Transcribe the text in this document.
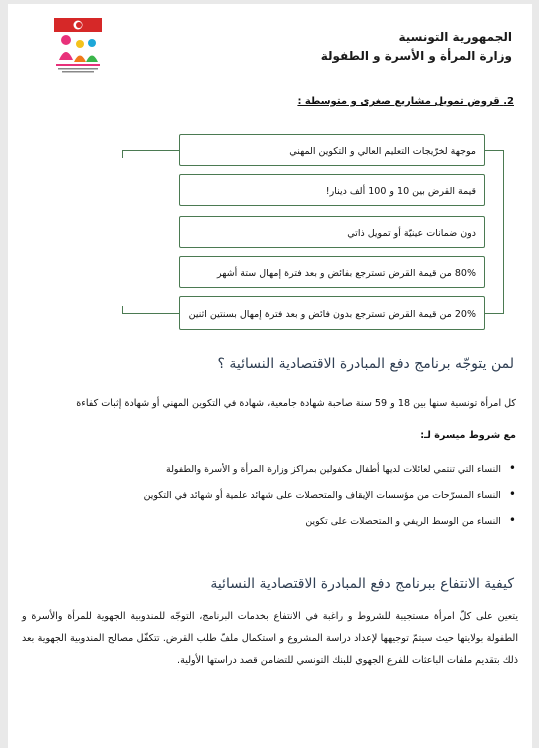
الجمهورية التونسية
وزارة المرأة و الأسرة و الطفولة
2. قروض تمويل مشاريع صغرى و متوسطة :
موجهة لخرّيجات التعليم العالي و التكوين المهني
قيمة القرض بين 10 و 100 ألف دينار!
دون ضمانات عينيّة أو تمويل ذاتي
80% من قيمة القرض تسترجع بفائض و بعد فترة إمهال ستة أشهر
20% من قيمة القرض تسترجع بدون فائض و بعد فترة إمهال بسنتين اثنين
لمن يتوجّه برنامج دفع المبادرة الاقتصادية النسائية ؟
كل امرأة تونسية سنها بين 18 و 59 سنة صاحبة شهادة جامعية، شهادة في التكوين المهني أو شهادة إثبات كفاءة
مع شروط ميسرة لـ:
• النساء التي تنتمي لعائلات لديها أطفال مكفولين بمراكز وزارة المرأة و الأسرة والطفولة
• النساء المسرّحات من مؤسسات الإيقاف والمتحصلات على شهائد علمية أو شهائد في التكوين
• النساء من الوسط الريفي و المتحصلات على تكوين
كيفية الانتفاع ببرنامج دفع المبادرة الاقتصادية النسائية
يتعين على كلّ امرأة مستجيبة للشروط و راغبة في الانتفاع بخدمات البرنامج، التوجّه للمندوبية الجهوية للمرأة والأسرة و الطفولة بولايتها حيث سيتمّ توجيهها لإعداد دراسة المشروع و استكمال ملفّ طلب القرض. تتكفّل مصالح المندوبية الجهوية بعد ذلك بتقديم ملفات الباعثات للفرع الجهوي للبنك التونسي للتضامن قصد دراستها الأولية.
